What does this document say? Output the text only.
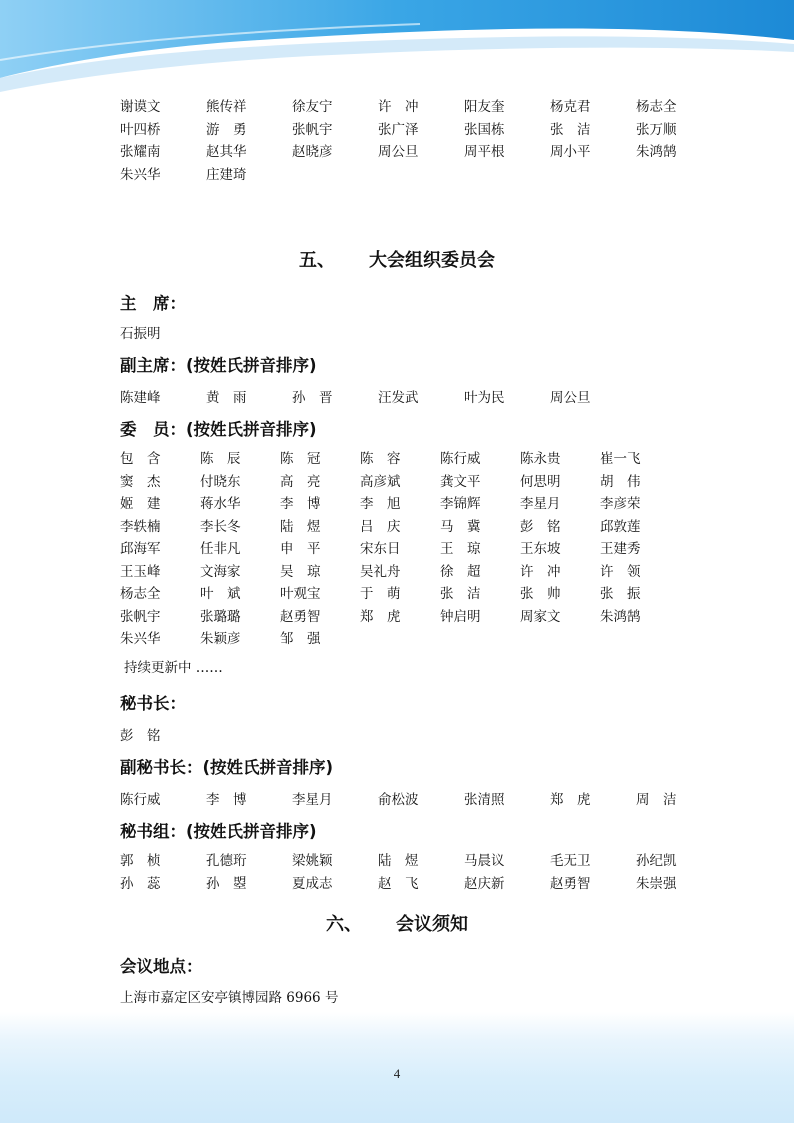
谢谟文	熊传祥	徐友宁	许　冲	阳友奎	杨克君	杨志全
叶四桥	游　勇	张帆宇	张广泽	张国栋	张　洁	张万顺
张耀南	赵其华	赵晓彦	周公旦	周平根	周小平	朱鸿鹄
朱兴华	庄建琦
五、 大会组织委员会
主　席：
石振明
副主席：(按姓氏拼音排序)
陈建峰	黄　雨	孙　晋	汪发武	叶为民	周公旦
委　员：(按姓氏拼音排序)
包　含	陈　辰	陈　冠	陈　容	陈行威	陈永贵	崔一飞
窦　杰	付晓东	高　亮	高彦斌	龚文平	何思明	胡　伟
姬　建	蒋水华	李　博	李　旭	李锦辉	李星月	李彦荣
李轶楠	李长冬	陆　煜	吕　庆	马　冀	彭　铭	邱敦莲
邱海军	任非凡	申　平	宋东日	王　琼	王东坡	王建秀
王玉峰	文海家	吴　琼	吴礼舟	徐　超	许　冲	许　领
杨志全	叶　斌	叶观宝	于　萌	张　洁	张　帅	张　振
张帆宇	张璐璐	赵勇智	郑　虎	钟启明	周家文	朱鸿鹄
朱兴华	朱颖彦	邹　强
持续更新中 ……
秘书长：
彭　铭
副秘书长：(按姓氏拼音排序)
陈行威	李　博	李星月	俞松波	张清照	郑　虎	周　洁
秘书组：(按姓氏拼音排序)
郭　桢	孔德珩	梁姚颖	陆　煜	马晨议	毛无卫	孙纪凯
孙　蕊	孙　曌	夏成志	赵　飞	赵庆新	赵勇智	朱崇强
六、 会议须知
会议地点：
上海市嘉定区安亭镇博园路 6966 号
4
